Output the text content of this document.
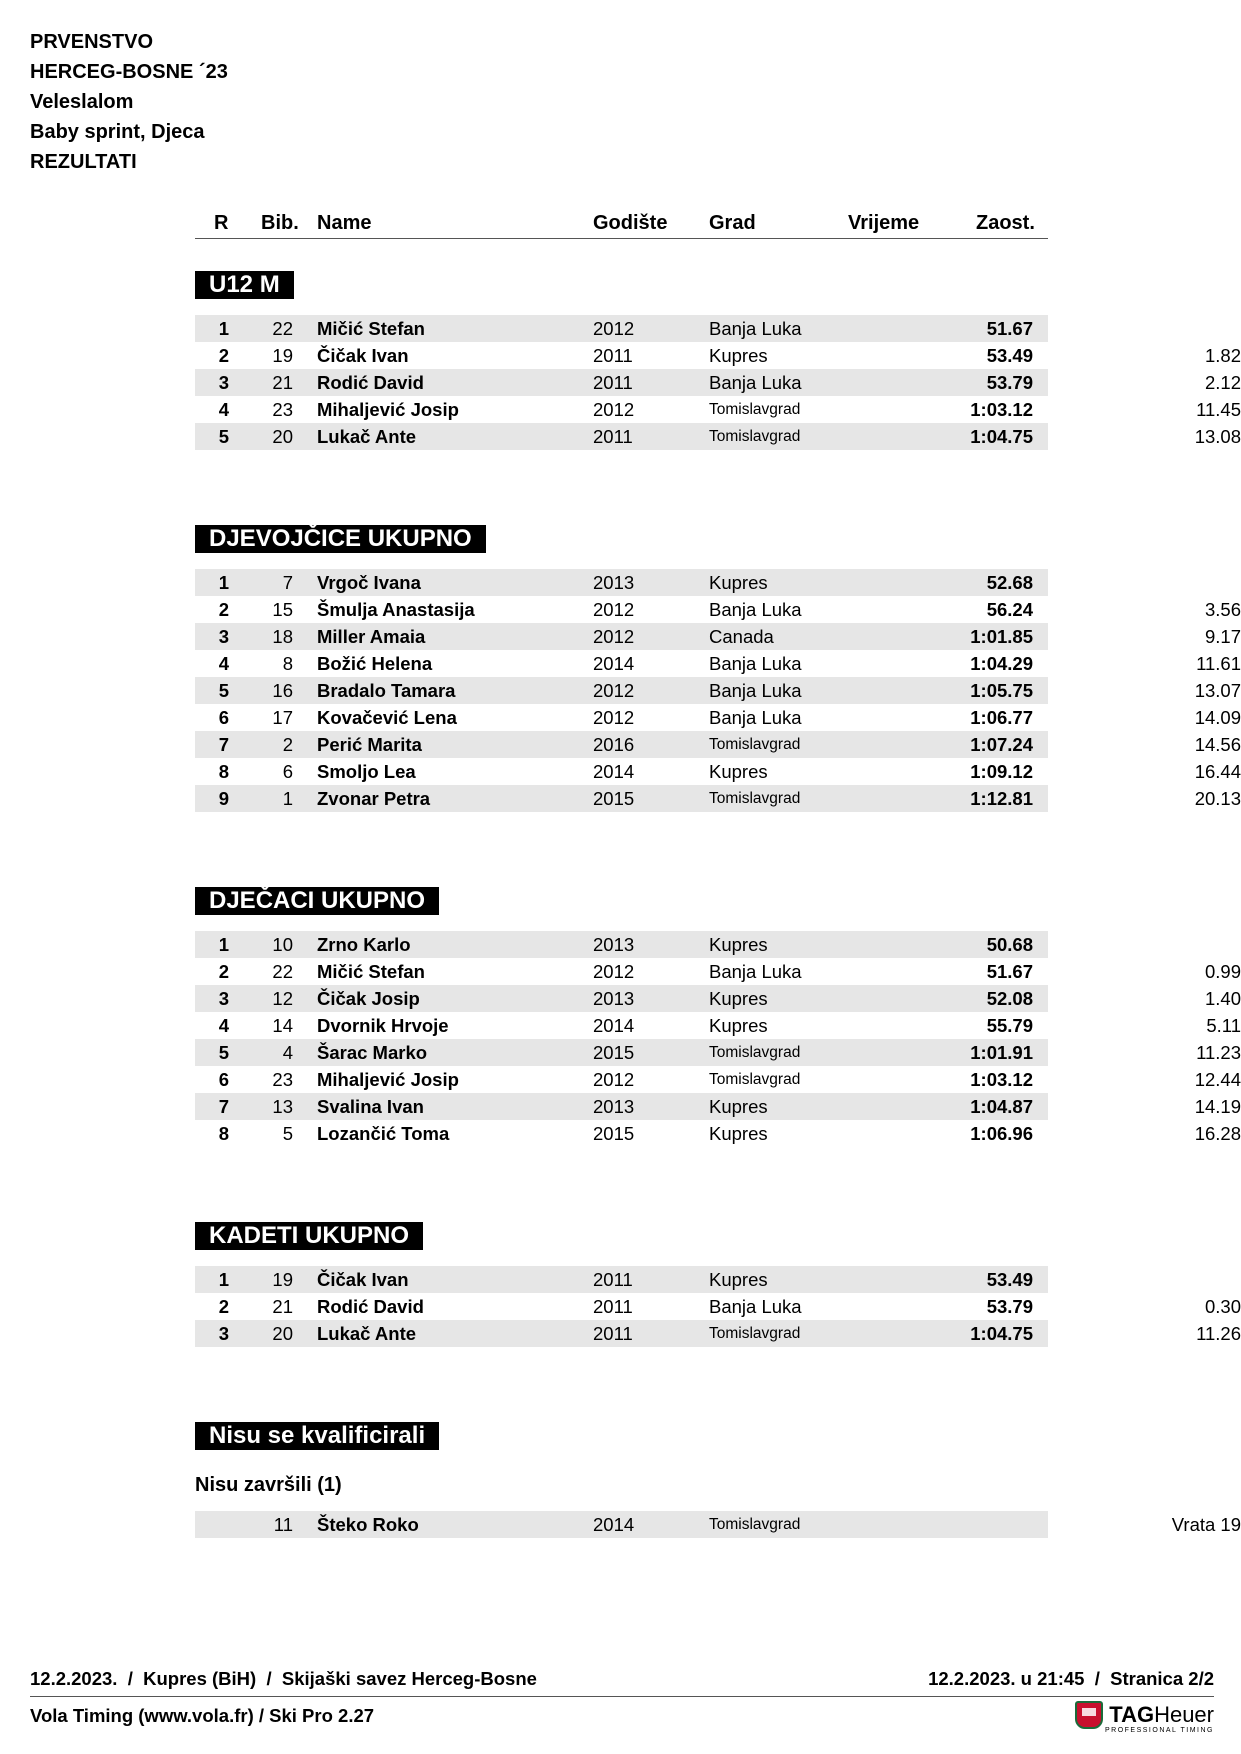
PRVENSTVO
HERCEG-BOSNE ´23
Veleslalom
Baby sprint, Djeca
REZULTATI
R Bib. Name	Godište Grad	Vrijeme	Zaost.
U12 M
1	22 Mičić Stefan	2012	Banja Luka	51.67
2	19 Čičak Ivan	2011	Kupres	53.49	1.82
3	21 Rodić David	2011	Banja Luka	53.79	2.12
4	23 Mihaljević Josip	2012	Tomislavgrad	1:03.12	11.45
5	20 Lukač Ante	2011	Tomislavgrad	1:04.75	13.08
DJEVOJČICE UKUPNO
1	7 Vrgoč Ivana	2013	Kupres	52.68
2	15 Šmulja Anastasija	2012	Banja Luka	56.24	3.56
3	18 Miller Amaia	2012	Canada	1:01.85	9.17
4	8 Božić Helena	2014	Banja Luka	1:04.29	11.61
5	16 Bradalo Tamara	2012	Banja Luka	1:05.75	13.07
6	17 Kovačević Lena	2012	Banja Luka	1:06.77	14.09
7	2 Perić Marita	2016	Tomislavgrad	1:07.24	14.56
8	6 Smoljo Lea	2014	Kupres	1:09.12	16.44
9	1 Zvonar Petra	2015	Tomislavgrad	1:12.81	20.13
DJEČACI UKUPNO
1	10 Zrno Karlo	2013	Kupres	50.68
2	22 Mičić Stefan	2012	Banja Luka	51.67	0.99
3	12 Čičak Josip	2013	Kupres	52.08	1.40
4	14 Dvornik Hrvoje	2014	Kupres	55.79	5.11
5	4 Šarac Marko	2015	Tomislavgrad	1:01.91	11.23
6	23 Mihaljević Josip	2012	Tomislavgrad	1:03.12	12.44
7	13 Svalina Ivan	2013	Kupres	1:04.87	14.19
8	5 Lozančić Toma	2015	Kupres	1:06.96	16.28
KADETI UKUPNO
1	19 Čičak Ivan	2011	Kupres	53.49
2	21 Rodić David	2011	Banja Luka	53.79	0.30
3	20 Lukač Ante	2011	Tomislavgrad	1:04.75	11.26
Nisu se kvalificirali
Nisu završili (1)
11 Šteko Roko	2014	Tomislavgrad	Vrata 19
12.2.2023.  /  Kupres (BiH)  /  Skijaški savez Herceg-Bosne	12.2.2023. u 21:45  /  Stranica 2/2
Vola Timing (www.vola.fr) / Ski Pro 2.27	TAGHeuer
PROFESSIONAL TIMING
